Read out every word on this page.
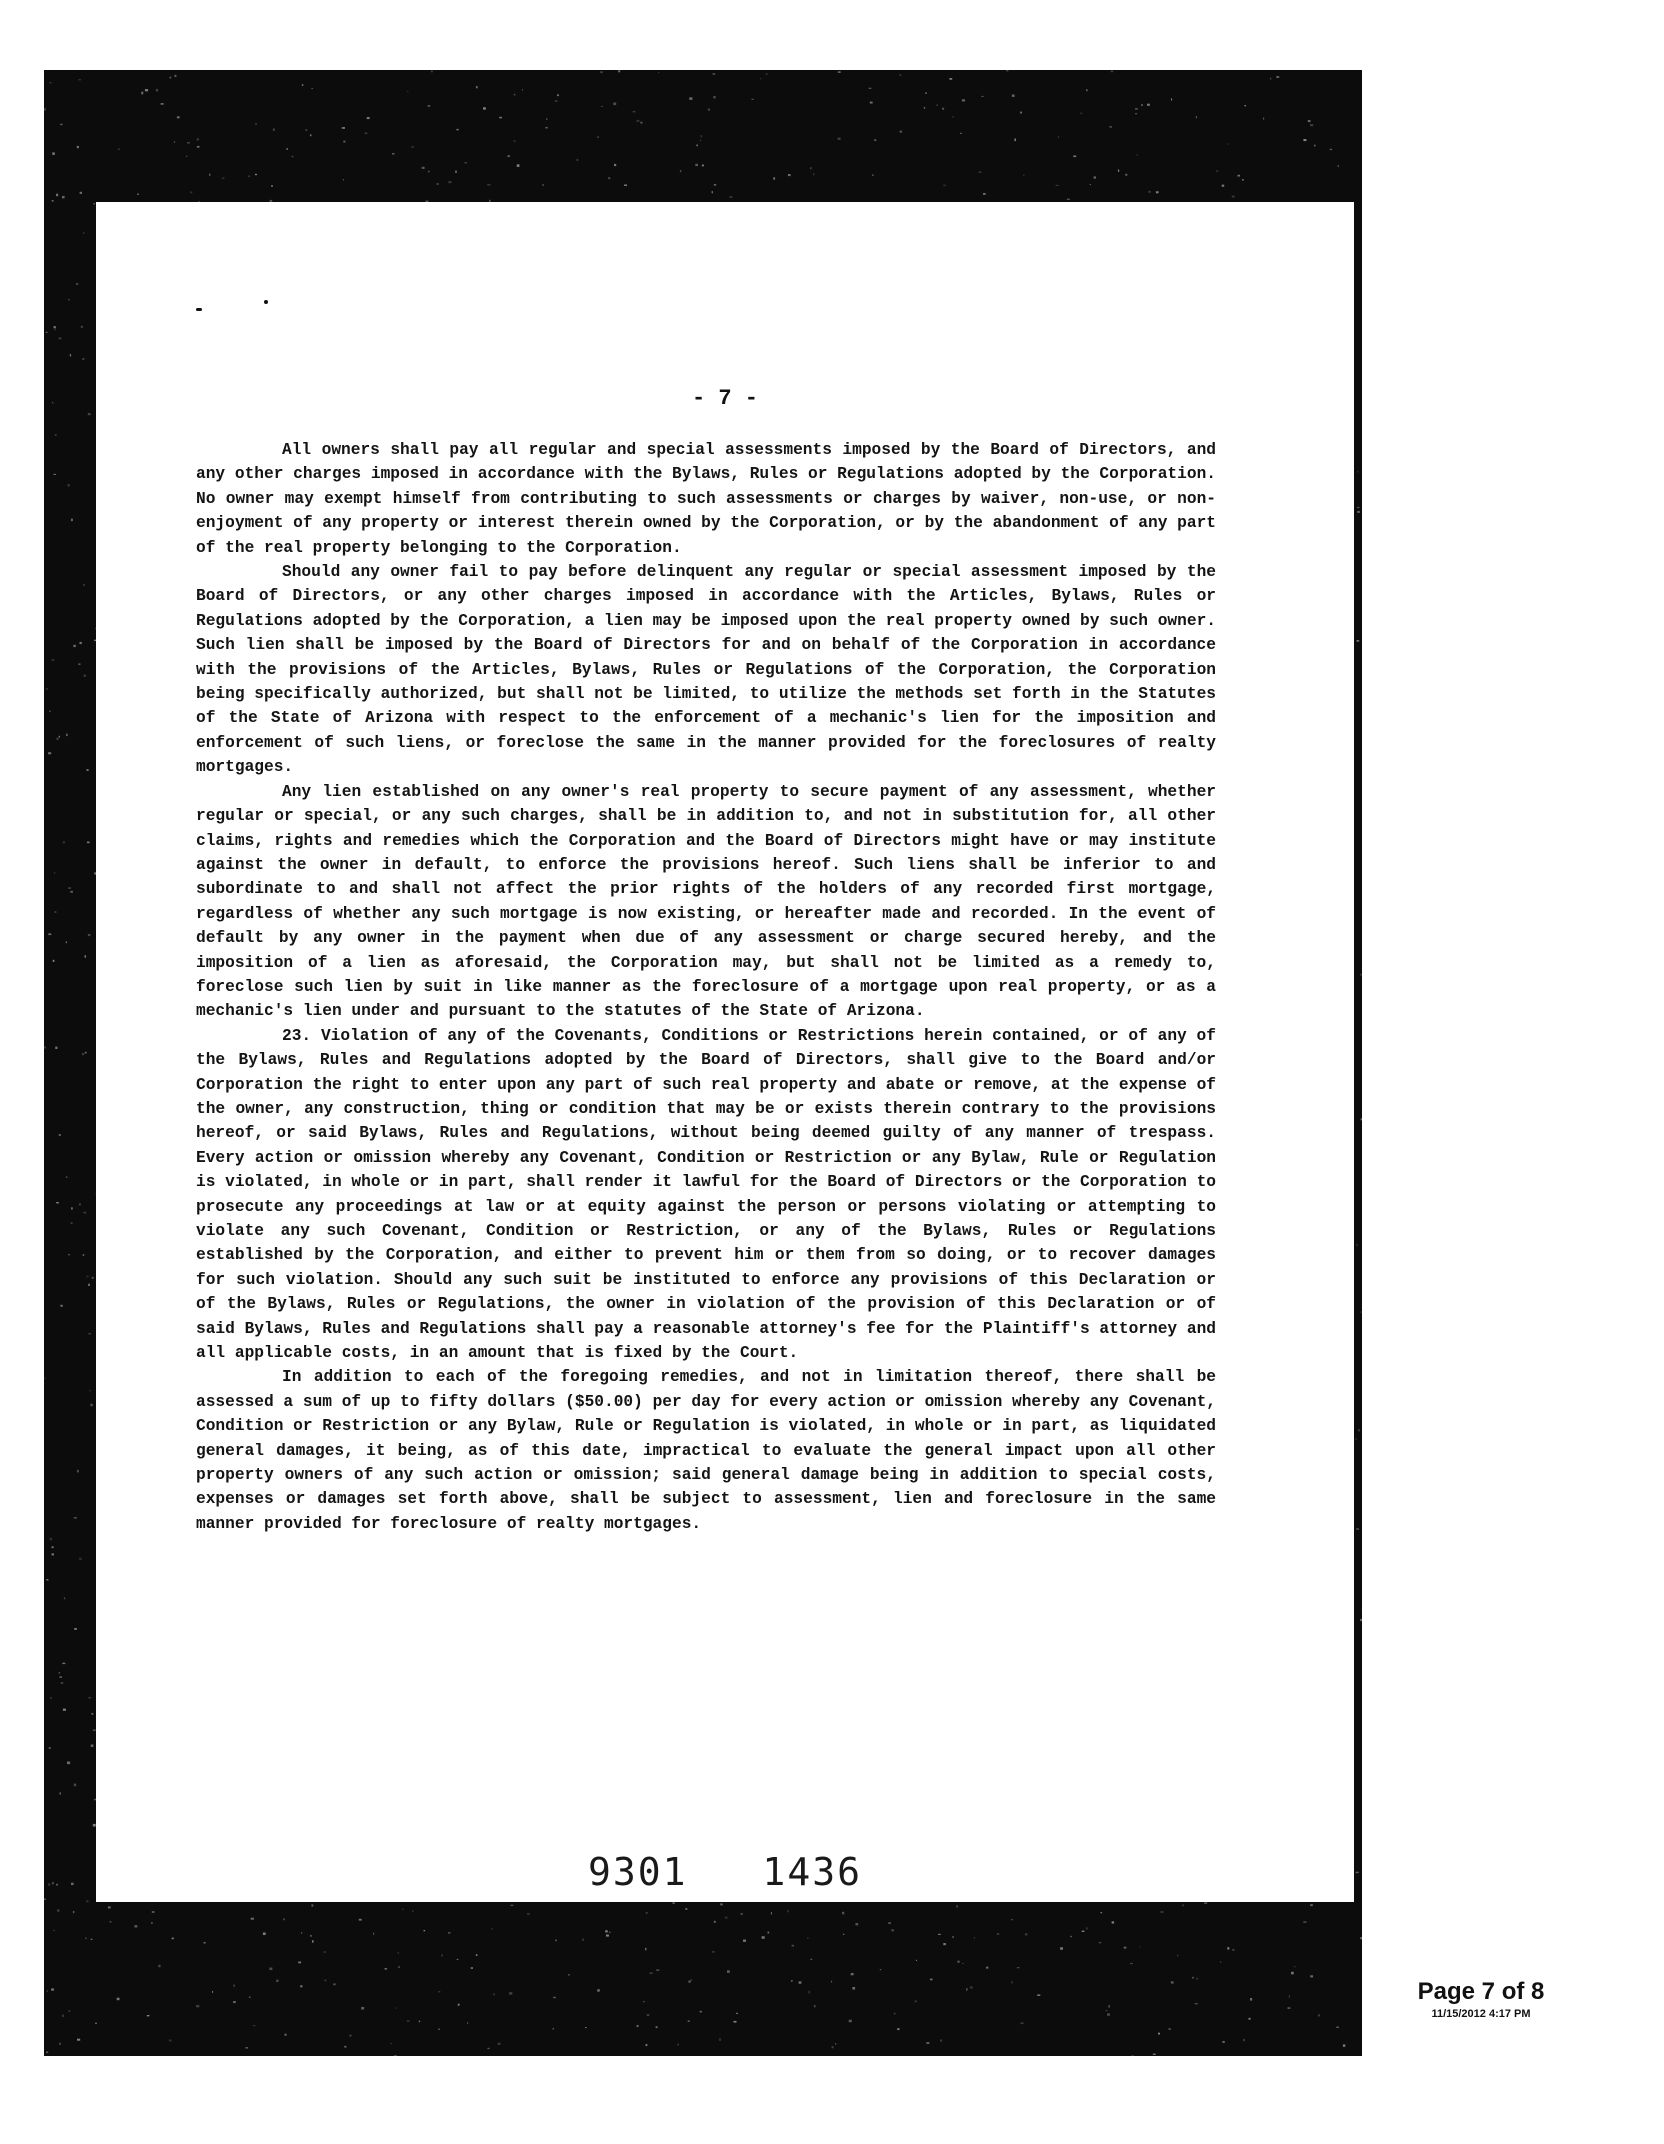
- 7 -

All owners shall pay all regular and special assessments imposed by the Board of Directors, and any other charges imposed in accordance with the Bylaws, Rules or Regulations adopted by the Corporation. No owner may exempt himself from contributing to such assessments or charges by waiver, non-use, or non-enjoyment of any property or interest therein owned by the Corporation, or by the abandonment of any part of the real property belonging to the Corporation.

Should any owner fail to pay before delinquent any regular or special assessment imposed by the Board of Directors, or any other charges imposed in accordance with the Articles, Bylaws, Rules or Regulations adopted by the Corporation, a lien may be imposed upon the real property owned by such owner. Such lien shall be imposed by the Board of Directors for and on behalf of the Corporation in accordance with the provisions of the Articles, Bylaws, Rules or Regulations of the Corporation, the Corporation being specifically authorized, but shall not be limited, to utilize the methods set forth in the Statutes of the State of Arizona with respect to the enforcement of a mechanic's lien for the imposition and enforcement of such liens, or foreclose the same in the manner provided for the foreclosures of realty mortgages.

Any lien established on any owner's real property to secure payment of any assessment, whether regular or special, or any such charges, shall be in addition to, and not in substitution for, all other claims, rights and remedies which the Corporation and the Board of Directors might have or may institute against the owner in default, to enforce the provisions hereof. Such liens shall be inferior to and subordinate to and shall not affect the prior rights of the holders of any recorded first mortgage, regardless of whether any such mortgage is now existing, or hereafter made and recorded. In the event of default by any owner in the payment when due of any assessment or charge secured hereby, and the imposition of a lien as aforesaid, the Corporation may, but shall not be limited as a remedy to, foreclose such lien by suit in like manner as the foreclosure of a mortgage upon real property, or as a mechanic's lien under and pursuant to the statutes of the State of Arizona.

23. Violation of any of the Covenants, Conditions or Restrictions herein contained, or of any of the Bylaws, Rules and Regulations adopted by the Board of Directors, shall give to the Board and/or Corporation the right to enter upon any part of such real property and abate or remove, at the expense of the owner, any construction, thing or condition that may be or exists therein contrary to the provisions hereof, or said Bylaws, Rules and Regulations, without being deemed guilty of any manner of trespass. Every action or omission whereby any Covenant, Condition or Restriction or any Bylaw, Rule or Regulation is violated, in whole or in part, shall render it lawful for the Board of Directors or the Corporation to prosecute any proceedings at law or at equity against the person or persons violating or attempting to violate any such Covenant, Condition or Restriction, or any of the Bylaws, Rules or Regulations established by the Corporation, and either to prevent him or them from so doing, or to recover damages for such violation. Should any such suit be instituted to enforce any provisions of this Declaration or of the Bylaws, Rules or Regulations, the owner in violation of the provision of this Declaration or of said Bylaws, Rules and Regulations shall pay a reasonable attorney's fee for the Plaintiff's attorney and all applicable costs, in an amount that is fixed by the Court.

In addition to each of the foregoing remedies, and not in limitation thereof, there shall be assessed a sum of up to fifty dollars ($50.00) per day for every action or omission whereby any Covenant, Condition or Restriction or any Bylaw, Rule or Regulation is violated, in whole or in part, as liquidated general damages, it being, as of this date, impractical to evaluate the general impact upon all other property owners of any such action or omission; said general damage being in addition to special costs, expenses or damages set forth above, shall be subject to assessment, lien and foreclosure in the same manner provided for foreclosure of realty mortgages.

9301 1436
Page 7 of 8
11/15/2012 4:17 PM
